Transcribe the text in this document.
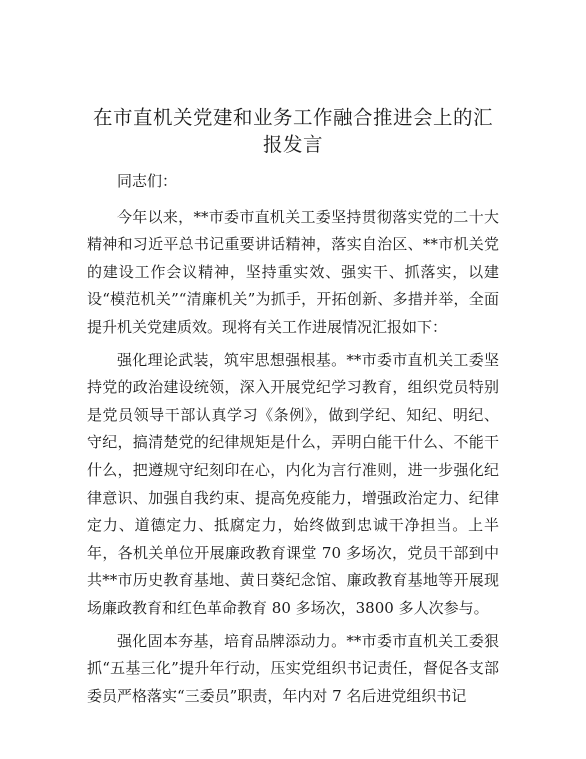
在市直机关党建和业务工作融合推进会上的汇报发言

同志们：

今年以来，**市委市直机关工委坚持贯彻落实党的二十大精神和习近平总书记重要讲话精神，落实自治区、**市机关党的建设工作会议精神，坚持重实效、强实干、抓落实，以建设“模范机关”“清廉机关”为抓手，开拓创新、多措并举，全面提升机关党建质效。现将有关工作进展情况汇报如下：

强化理论武装，筑牢思想强根基。**市委市直机关工委坚持党的政治建设统领，深入开展党纪学习教育，组织党员特别是党员领导干部认真学习《条例》，做到学纪、知纪、明纪、守纪，搞清楚党的纪律规矩是什么，弄明白能干什么、不能干什么，把遵规守纪刻印在心，内化为言行准则，进一步强化纪律意识、加强自我约束、提高免疫能力，增强政治定力、纪律定力、道德定力、抵腐定力，始终做到忠诚干净担当。上半年，各机关单位开展廉政教育课堂 70 多场次，党员干部到中共**市历史教育基地、黄日葵纪念馆、廉政教育基地等开展现场廉政教育和红色革命教育 80 多场次，3800 多人次参与。

强化固本夯基，培育品牌添动力。**市委市直机关工委狠抓“五基三化”提升年行动，压实党组织书记责任，督促各支部委员严格落实“三委员”职责，年内对 7 名后进党组织书记
